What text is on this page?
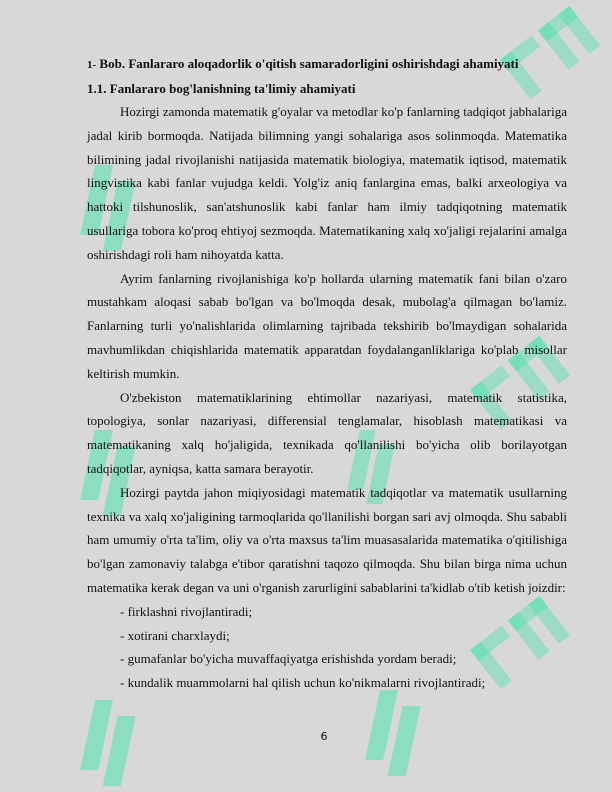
1- Bob. Fanlararo aloqadorlik o'qitish samaradorligini oshirishdagi ahamiyati

1.1. Fanlararo bog'lanishning ta'limiy ahamiyati

Hozirgi zamonda matematik g'oyalar va metodlar ko'p fanlarning tadqiqot jabhalariga jadal kirib bormoqda. Natijada bilimning yangi sohalariga asos solinmoqda. Matematika bilimining jadal rivojlanishi natijasida matematik biologiya, matematik iqtisod, matematik lingvistika kabi fanlar vujudga keldi. Yolg'iz aniq fanlargina emas, balki arxeologiya va hattoki tilshunoslik, san'atshunoslik kabi fanlar ham ilmiy tadqiqotning matematik usullariga tobora ko'proq ehtiyoj sezmoqda. Matematikaning xalq xo'jaligi rejalarini amalga oshirishdagi roli ham nihoyatda katta.

Ayrim fanlarning rivojlanishiga ko'p hollarda ularning matematik fani bilan o'zaro mustahkam aloqasi sabab bo'lgan va bo'lmoqda desak, mubolag'a qilmagan bo'lamiz. Fanlarning turli yo'nalishlarida olimlarning tajribada tekshirib bo'lmaydigan sohalarida mavhumlikdan chiqishlarida matematik apparatdan foydalanganliklariga ko'plab misollar keltirish mumkin.

O'zbekiston matematiklarining ehtimollar nazariyasi, matematik statistika, topologiya, sonlar nazariyasi, differensial tenglamalar, hisoblash matematikasi va matematikaning xalq ho'jaligida, texnikada qo'llanilishi bo'yicha olib borilayotgan tadqiqotlar, ayniqsa, katta samara berayotir.

Hozirgi paytda jahon miqiyosidagi matematik tadqiqotlar va matematik usullarning texnika va xalq xo'jaligining tarmoqlarida qo'llanilishi borgan sari avj olmoqda. Shu sababli ham umumiy o'rta ta'lim, oliy va o'rta maxsus ta'lim muasasalarida matematika o'qitilishiga bo'lgan zamonaviy talabga e'tibor qaratishni taqozo qilmoqda. Shu bilan birga nima uchun matematika kerak degan va uni o'rganish zarurligini sabablarini ta'kidlab o'tib ketish joizdir:

- firklashni rivojlantiradi;
- xotirani charxlaydi;
- gumafanlar bo'yicha muvaffaqiyatga erishishda yordam beradi;
- kundalik muammolarni hal qilish uchun ko'nikmalarni rivojlantiradi;
6
